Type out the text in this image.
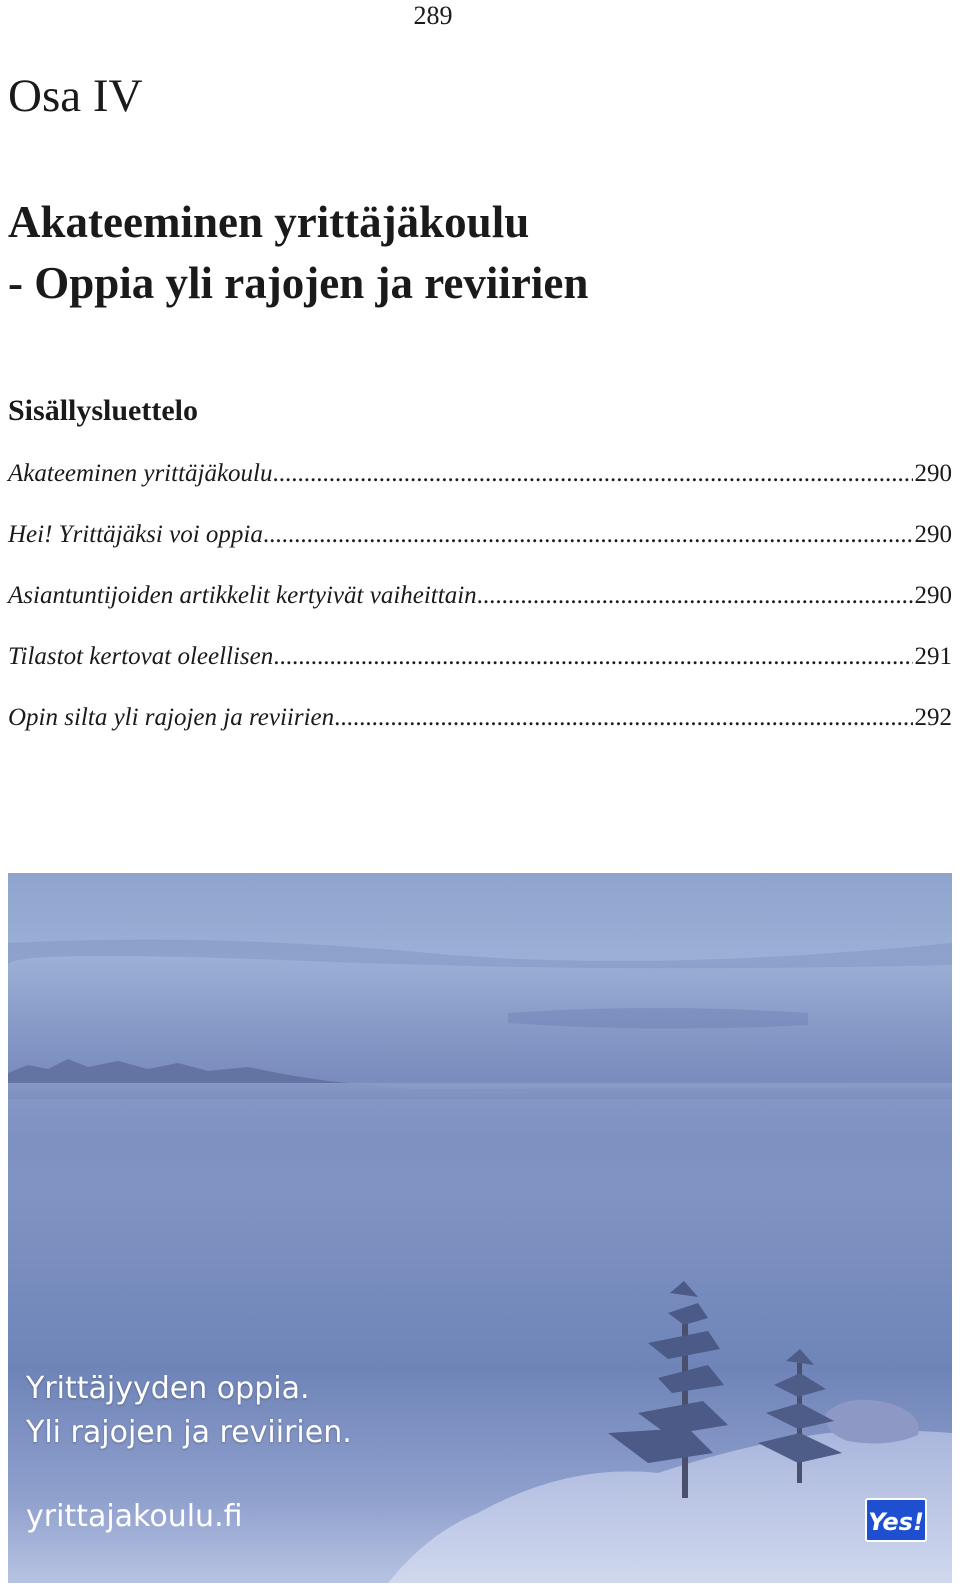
289
Osa IV
Akateeminen yrittäjäkoulu
- Oppia yli rajojen ja reviirien
Sisällysluettelo
Akateeminen yrittäjäkoulu .....	290
Hei! Yrittäjäksi voi oppia .....	290
Asiantuntijoiden artikkelit kertyivät vaiheittain .....	290
Tilastot kertovat oleellisen .....	291
Opin silta yli rajojen ja reviirien .....	292
Yrittäjyyden oppia.
Yli rajojen ja reviirien.
yrittajakoulu.fi	Yes!
